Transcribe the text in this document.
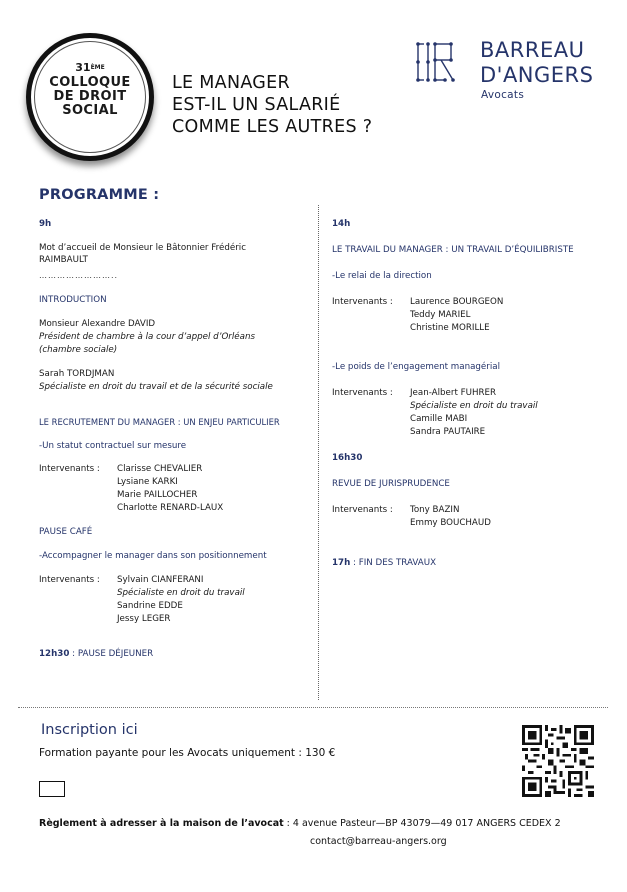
31ÈME
COLLOQUE
DE DROIT
SOCIAL
LE MANAGER
EST-IL UN SALARIÉ
COMME LES AUTRES ?
BARREAU
D'ANGERS
Avocats
PROGRAMME :
9h
Mot d’accueil de Monsieur le Bâtonnier Frédéric
RAIMBAULT
……………………..
INTRODUCTION
Monsieur Alexandre DAVID
Président de chambre à la cour d’appel d’Orléans
(chambre sociale)
Sarah TORDJMAN
Spécialiste en droit du travail et de la sécurité sociale
LE RECRUTEMENT DU MANAGER : UN ENJEU PARTICULIER
-Un statut contractuel sur mesure
Intervenants : Clarisse CHEVALIER
Lysiane KARKI
Marie PAILLOCHER
Charlotte RENARD-LAUX
PAUSE CAFÉ
-Accompagner le manager dans son positionnement
Intervenants : Sylvain CIANFERANI
Spécialiste en droit du travail
Sandrine EDDE
Jessy LEGER
12h30 : PAUSE DÉJEUNER
14h
LE TRAVAIL DU MANAGER : UN TRAVAIL D’ÉQUILIBRISTE
-Le relai de la direction
Intervenants : Laurence BOURGEON
Teddy MARIEL
Christine MORILLE
-Le poids de l’engagement managérial
Intervenants : Jean-Albert FUHRER
Spécialiste en droit du travail
Camille MABI
Sandra PAUTAIRE
16h30
REVUE DE JURISPRUDENCE
Intervenants : Tony BAZIN
Emmy BOUCHAUD
17h : FIN DES TRAVAUX
Inscription ici
Formation payante pour les Avocats uniquement : 130 €
Règlement à adresser à la maison de l’avocat : 4 avenue Pasteur—BP 43079—49 017 ANGERS CEDEX 2
contact@barreau-angers.org
